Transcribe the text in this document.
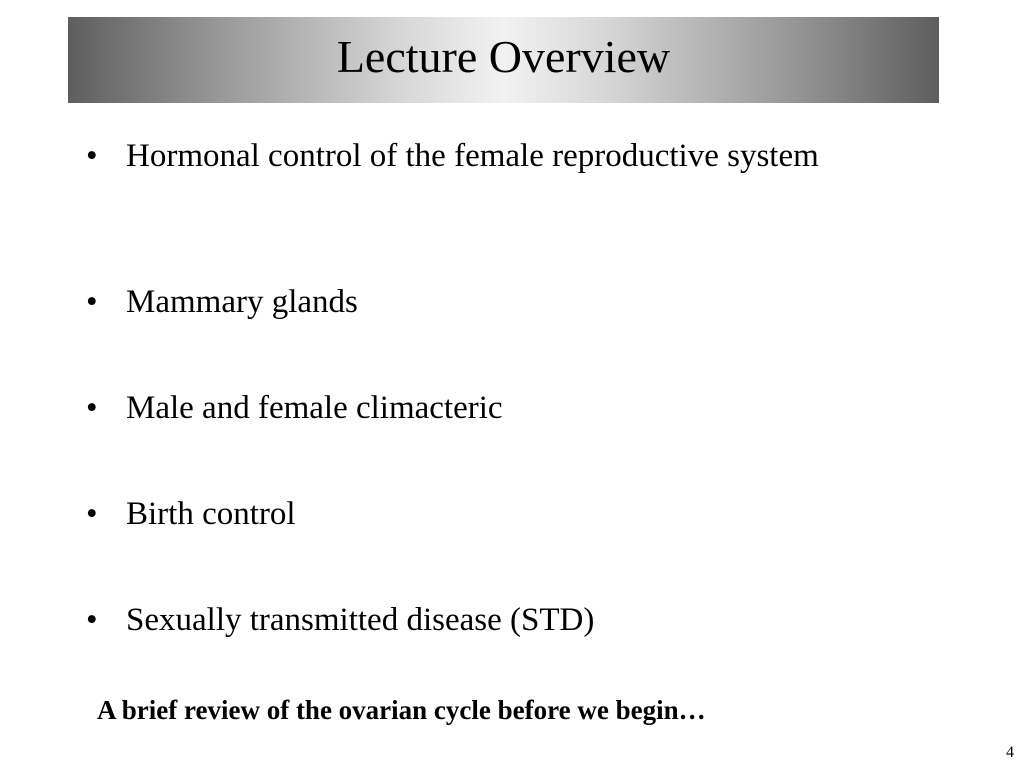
Lecture Overview
• Hormonal control of the female reproductive system
• Mammary glands
• Male and female climacteric
• Birth control
• Sexually transmitted disease (STD)
A brief review of the ovarian cycle before we begin…
4
